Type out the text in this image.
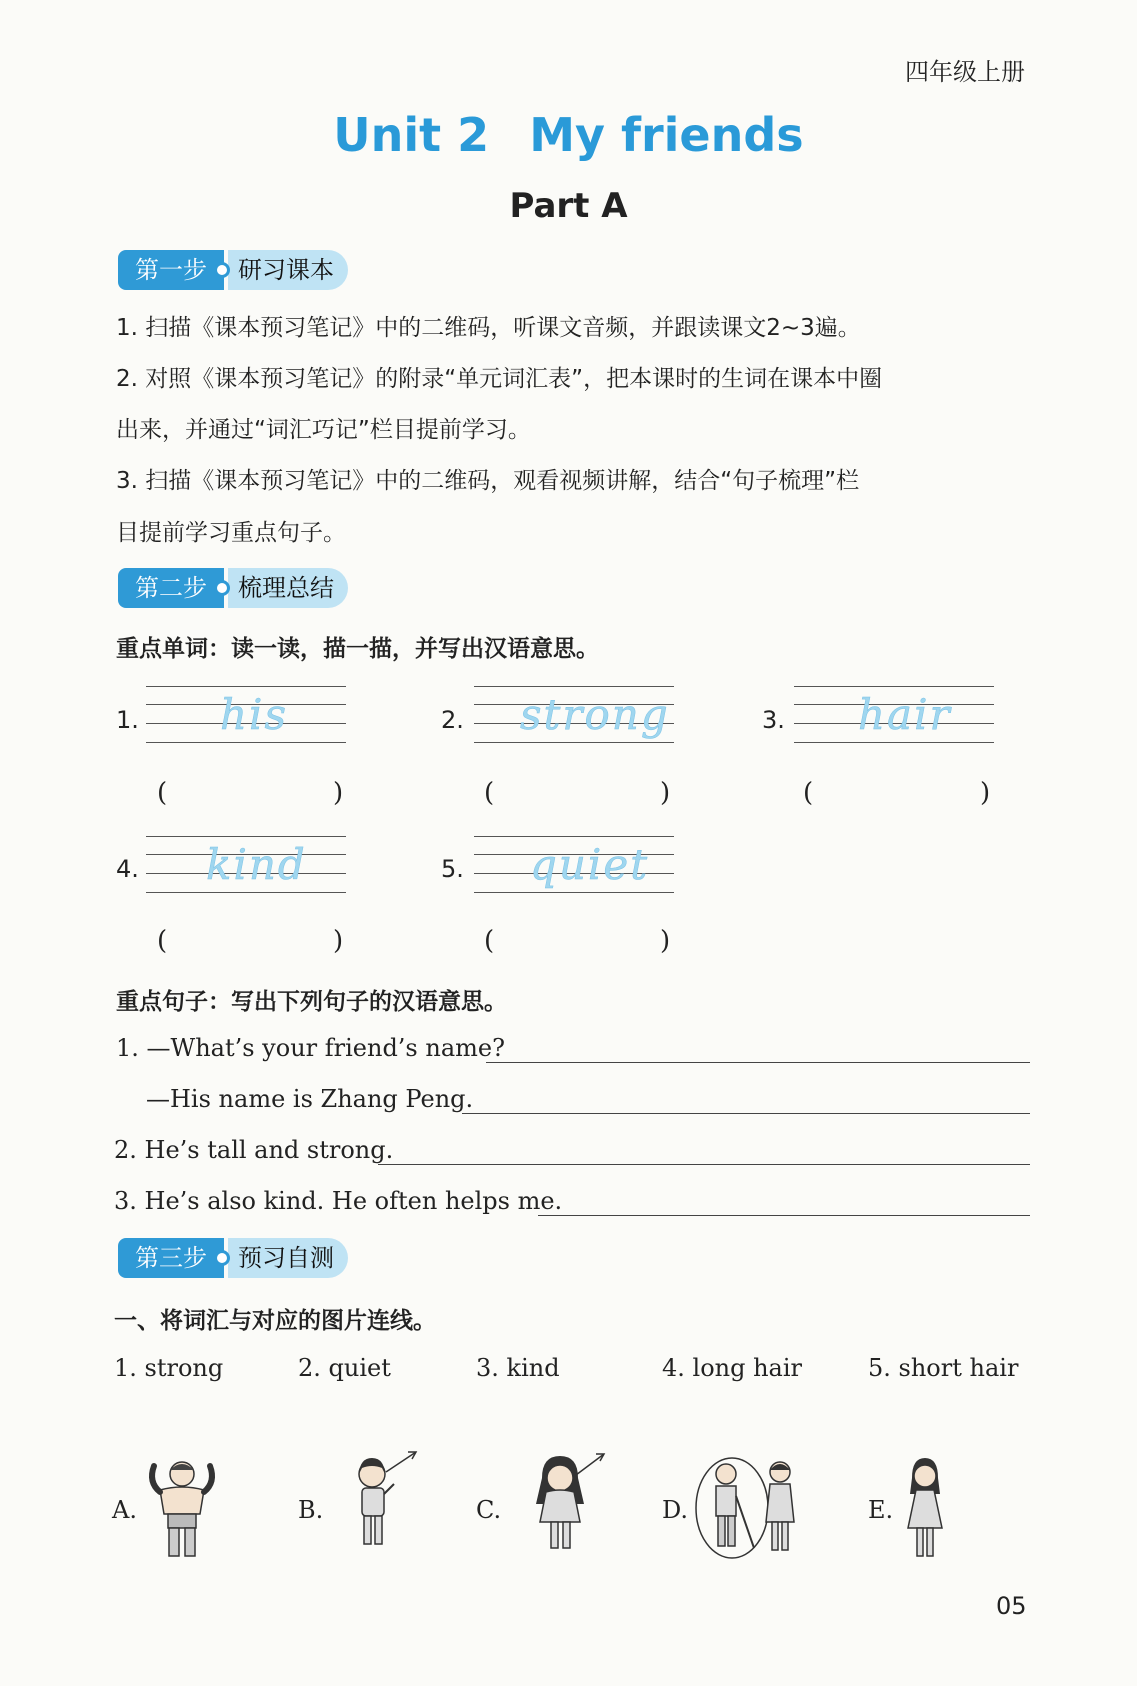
四年级上册
Unit 2 My friends
Part A
第一步	研习课本
1. 扫描《课本预习笔记》中的二维码，听课文音频，并跟读课文2~3遍。
2. 对照《课本预习笔记》的附录“单元词汇表”，把本课时的生词在课本中圈
出来，并通过“词汇巧记”栏目提前学习。
3. 扫描《课本预习笔记》中的二维码，观看视频讲解，结合“句子梳理”栏
目提前学习重点句子。
第二步	梳理总结
重点单词：读一读，描一描，并写出汉语意思。
1. his
(	)
2. strong
(	)
3. hair
(	)
4. kind
(	)
5. quiet
(	)
重点句子：写出下列句子的汉语意思。
1. —What’s your friend’s name?
—His name is Zhang Peng.
2. He’s tall and strong.
3. He’s also kind. He often helps me.
第三步	预习自测
一、将词汇与对应的图片连线。
1. strong	2. quiet	3. kind	4. long hair	5. short hair
A.	B.	C.	D.	E.
05
